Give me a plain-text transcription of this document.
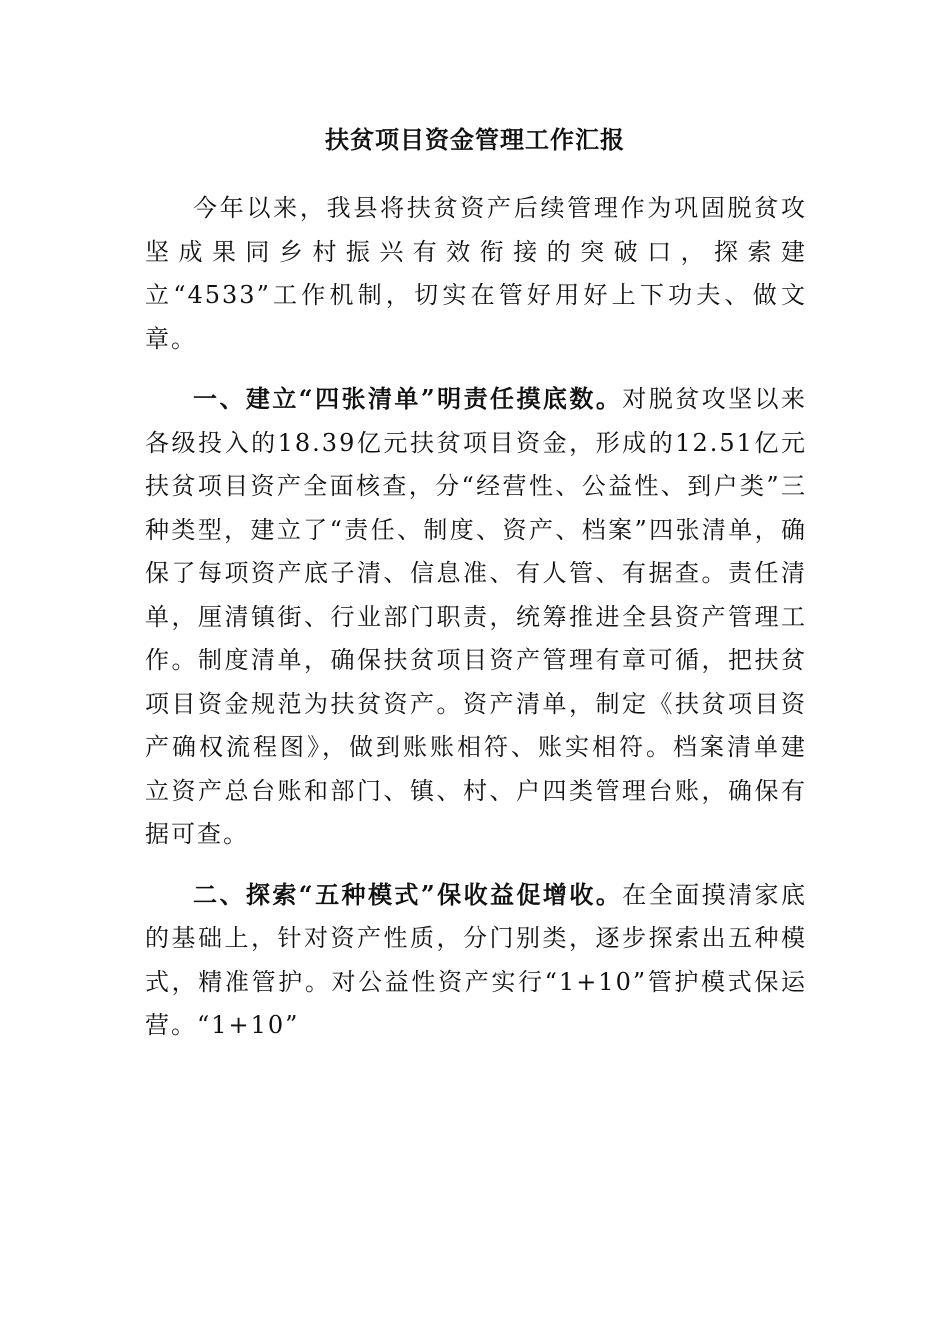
扶贫项目资金管理工作汇报

今年以来，我县将扶贫资产后续管理作为巩固脱贫攻坚成果同乡村振兴有效衔接的突破口，探索建立“4533”工作机制，切实在管好用好上下功夫、做文章。

一、建立“四张清单”明责任摸底数。对脱贫攻坚以来各级投入的18.39亿元扶贫项目资金，形成的12.51亿元扶贫项目资产全面核查，分“经营性、公益性、到户类”三种类型，建立了“责任、制度、资产、档案”四张清单，确保了每项资产底子清、信息准、有人管、有据查。责任清单，厘清镇街、行业部门职责，统筹推进全县资产管理工作。制度清单，确保扶贫项目资产管理有章可循，把扶贫项目资金规范为扶贫资产。资产清单，制定《扶贫项目资产确权流程图》，做到账账相符、账实相符。档案清单建立资产总台账和部门、镇、村、户四类管理台账，确保有据可查。

二、探索“五种模式”保收益促增收。在全面摸清家底的基础上，针对资产性质，分门别类，逐步探索出五种模式，精准管护。对公益性资产实行“1+10”管护模式保运营。“1+10”
